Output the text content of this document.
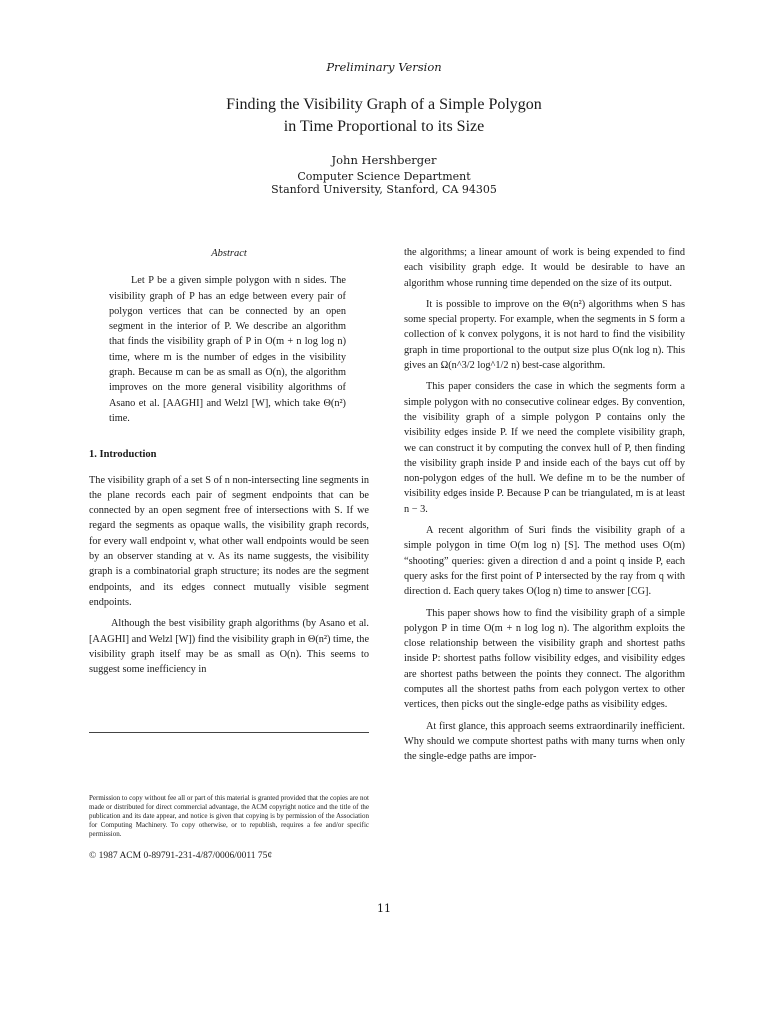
Preliminary Version
Finding the Visibility Graph of a Simple Polygon
in Time Proportional to its Size
John Hershberger
Computer Science Department
Stanford University, Stanford, CA 94305

Abstract

Let P be a given simple polygon with n sides. The visibility graph of P has an edge between every pair of polygon vertices that can be connected by an open segment in the interior of P. We describe an algorithm that finds the visibility graph of P in O(m + n log log n) time, where m is the number of edges in the visibility graph. Because m can be as small as O(n), the algorithm improves on the more general visibility algorithms of Asano et al. [AAGHI] and Welzl [W], which take Θ(n²) time.

1. Introduction

The visibility graph of a set S of n non-intersecting line segments in the plane records each pair of segment endpoints that can be connected by an open segment free of intersections with S. If we regard the segments as opaque walls, the visibility graph records, for every wall endpoint v, what other wall endpoints would be seen by an observer standing at v. As its name suggests, the visibility graph is a combinatorial graph structure; its nodes are the segment endpoints, and its edges connect mutually visible segment endpoints.

Although the best visibility graph algorithms (by Asano et al. [AAGHI] and Welzl [W]) find the visibility graph in Θ(n²) time, the visibility graph itself may be as small as O(n). This seems to suggest some inefficiency in

Permission to copy without fee all or part of this material is granted provided that the copies are not made or distributed for direct commercial advantage, the ACM copyright notice and the title of the publication and its date appear, and notice is given that copying is by permission of the Association for Computing Machinery. To copy otherwise, or to republish, requires a fee and/or specific permission.
© 1987 ACM 0-89791-231-4/87/0006/0011 75¢

the algorithms; a linear amount of work is being expended to find each visibility graph edge. It would be desirable to have an algorithm whose running time depended on the size of its output.

It is possible to improve on the Θ(n²) algorithms when S has some special property. For example, when the segments in S form a collection of k convex polygons, it is not hard to find the visibility graph in time proportional to the output size plus O(nk log n). This gives an Ω(n^3/2 log^1/2 n) best-case algorithm.

This paper considers the case in which the segments form a simple polygon with no consecutive colinear edges. By convention, the visibility graph of a simple polygon P contains only the visibility edges inside P. If we need the complete visibility graph, we can construct it by computing the convex hull of P, then finding the visibility graph inside P and inside each of the bays cut off by non-polygon edges of the hull. We define m to be the number of visibility edges inside P. Because P can be triangulated, m is at least n − 3.

A recent algorithm of Suri finds the visibility graph of a simple polygon in time O(m log n) [S]. The method uses O(m) “shooting” queries: given a direction d and a point q inside P, each query asks for the first point of P intersected by the ray from q with direction d. Each query takes O(log n) time to answer [CG].

This paper shows how to find the visibility graph of a simple polygon P in time O(m + n log log n). The algorithm exploits the close relationship between the visibility graph and shortest paths inside P: shortest paths follow visibility edges, and visibility edges are shortest paths between the points they connect. The algorithm computes all the shortest paths from each polygon vertex to other vertices, then picks out the single-edge paths as visibility edges.

At first glance, this approach seems extraordinarily inefficient. Why should we compute shortest paths with many turns when only the single-edge paths are impor-

11
